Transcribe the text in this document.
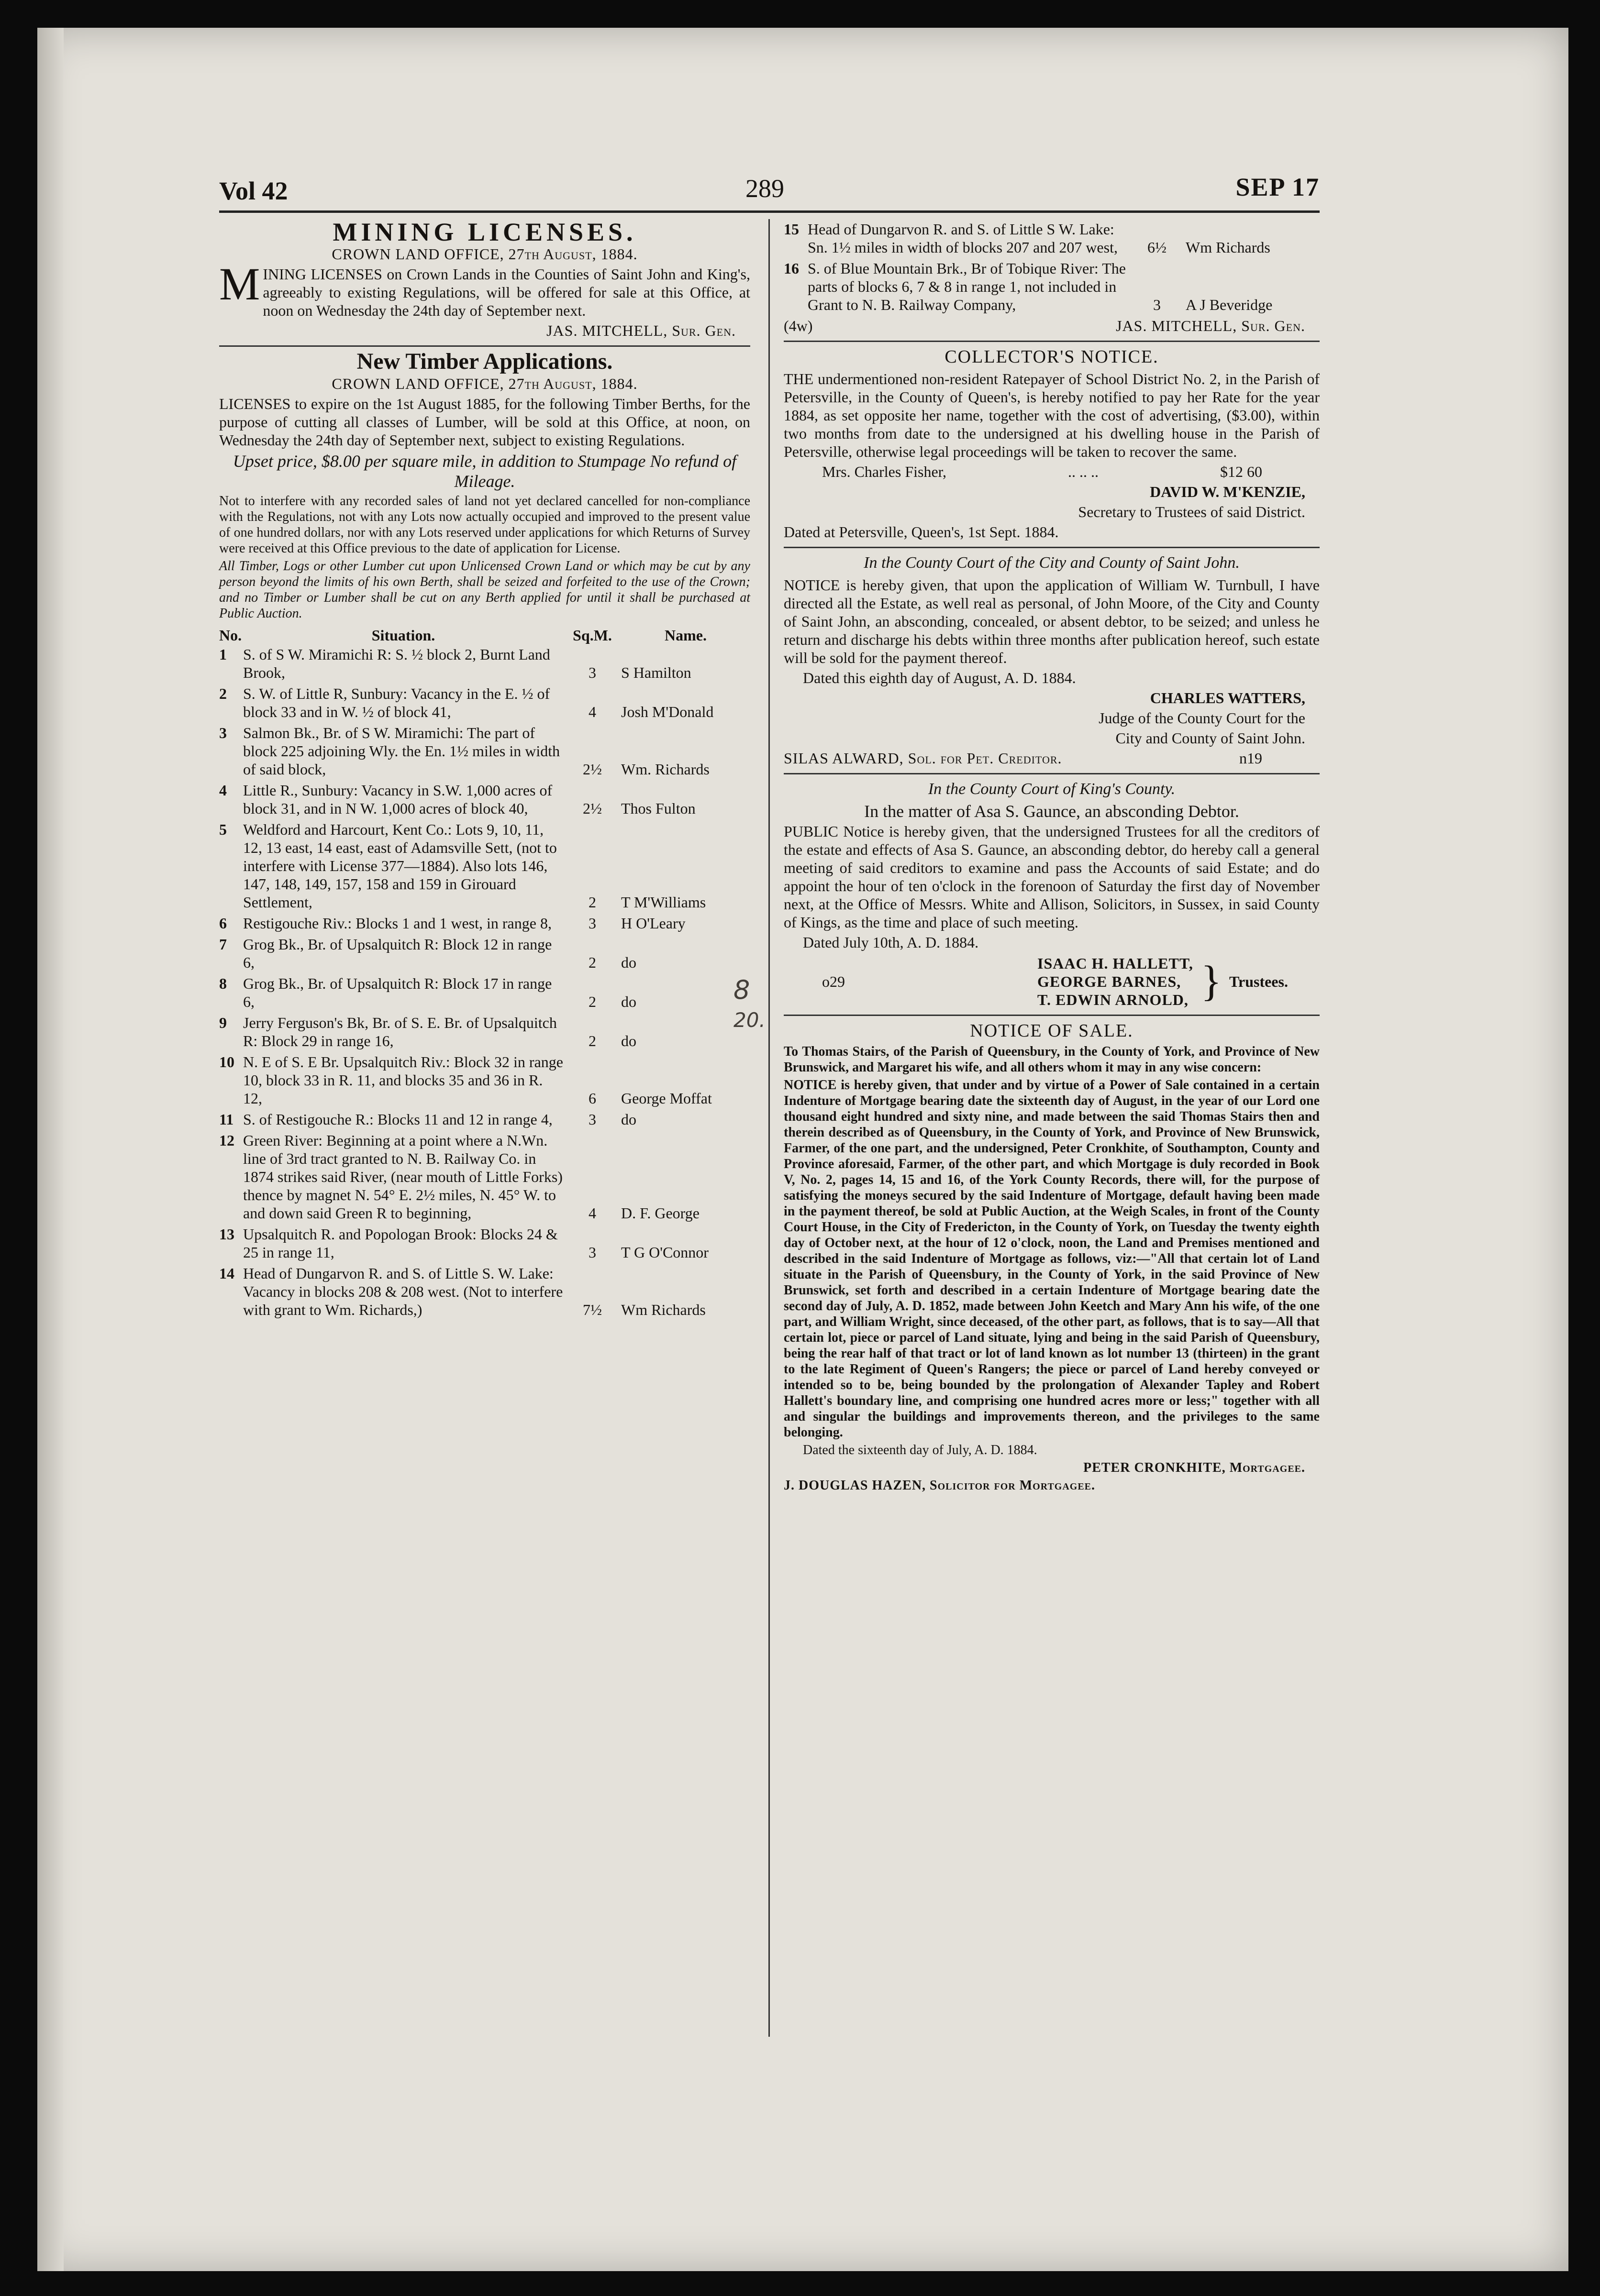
Vol 42	289	SEP 17
MINING LICENSES.

CROWN LAND OFFICE, 27th August, 1884.

MINING LICENSES on Crown Lands in the Counties of Saint John and King's, agreeably to existing Regulations, will be offered for sale at this Office, at noon on Wednesday the 24th day of September next.

JAS. MITCHELL, Sur. Gen.

New Timber Applications.

CROWN LAND OFFICE, 27th August, 1884.

LICENSES to expire on the 1st August 1885, for the following Timber Berths, for the purpose of cutting all classes of Lumber, will be sold at this Office, at noon, on Wednesday the 24th day of September next, subject to existing Regulations.

Upset price, $8.00 per square mile, in addition to Stumpage No refund of Mileage.

Not to interfere with any recorded sales of land not yet declared cancelled for non-compliance with the Regulations, not with any Lots now actually occupied and improved to the present value of one hundred dollars, nor with any Lots reserved under applications for which Returns of Survey were received at this Office previous to the date of application for License.

All Timber, Logs or other Lumber cut upon Unlicensed Crown Land or which may be cut by any person beyond the limits of his own Berth, shall be seized and forfeited to the use of the Crown; and no Timber or Lumber shall be cut on any Berth applied for until it shall be purchased at Public Auction.

No.	Situation.	Sq.M.	Name.
1	S. of S W. Miramichi R: S. ½ block 2, Burnt Land Brook,	3	S Hamilton
2	S. W. of Little R, Sunbury: Vacancy in the E. ½ of block 33 and in W. ½ of block 41,	4	Josh M'Donald
3	Salmon Bk., Br. of S W. Miramichi: The part of block 225 adjoining Wly. the En. 1½ miles in width of said block,	2½	Wm. Richards
4	Little R., Sunbury: Vacancy in S.W. 1,000 acres of block 31, and in N W. 1,000 acres of block 40,	2½	Thos Fulton
5	Weldford and Harcourt, Kent Co.: Lots 9, 10, 11, 12, 13 east, 14 east, east of Adamsville Sett, (not to interfere with License 377—1884). Also lots 146, 147, 148, 149, 157, 158 and 159 in Girouard Settlement,	2	T M'Williams
6	Restigouche Riv.: Blocks 1 and 1 west, in range 8,	3	H O'Leary
7	Grog Bk., Br. of Upsalquitch R: Block 12 in range 6,	2	do
8	Grog Bk., Br. of Upsalquitch R: Block 17 in range 6,	2	do
9	Jerry Ferguson's Bk, Br. of S. E. Br. of Upsalquitch R: Block 29 in range 16,	2	do
10 N. E of S. E Br. Upsalquitch Riv.: Block 32 in range 10, block 33 in R. 11, and blocks 35 and 36 in R. 12,	6	George Moffat
11 S. of Restigouche R.: Blocks 11 and 12 in range 4,	3	do
12 Green River: Beginning at a point where a N.Wn. line of 3rd tract granted to N. B. Railway Co. in 1874 strikes said River, (near mouth of Little Forks) thence by magnet N. 54° E. 2½ miles, N. 45° W. to and down said Green R to beginning,	4	D. F. George
13 Upsalquitch R. and Popologan Brook: Blocks 24 & 25 in range 11,	3	T G O'Connor
14 Head of Dungarvon R. and S. of Little S. W. Lake: Vacancy in blocks 208 & 208 west. (Not to interfere with grant to Wm. Richards,)	7½	Wm Richards
8
20.
15 Head of Dungarvon R. and S. of Little S W. Lake: Sn. 1½ miles in width of blocks 207 and 207 west,	6½	Wm Richards
16 S. of Blue Mountain Brk., Br of Tobique River: The parts of blocks 6, 7 & 8 in range 1, not included in Grant to N. B. Railway Company,	3	A J Beveridge
(4w)	JAS. MITCHELL, Sur. Gen.
COLLECTOR'S NOTICE.

THE undermentioned non-resident Ratepayer of School District No. 2, in the Parish of Petersville, in the County of Queen's, is hereby notified to pay her Rate for the year 1884, as set opposite her name, together with the cost of advertising, ($3.00), within two months from date to the undersigned at his dwelling house in the Parish of Petersville, otherwise legal proceedings will be taken to recover the same.

Mrs. Charles Fisher,	.. .. ..	$12 60

DAVID W. M'KENZIE,

Secretary to Trustees of said District.

Dated at Petersville, Queen's, 1st Sept. 1884.

In the County Court of the City and County of Saint John.

NOTICE is hereby given, that upon the application of William W. Turnbull, I have directed all the Estate, as well real as personal, of John Moore, of the City and County of Saint John, an absconding, concealed, or absent debtor, to be seized; and unless he return and discharge his debts within three months after publication hereof, such estate will be sold for the payment thereof.

Dated this eighth day of August, A. D. 1884.

CHARLES WATTERS,

Judge of the County Court for the

City and County of Saint John.

SILAS ALWARD, Sol. for Pet. Creditor.	n19

In the County Court of King's County.

In the matter of Asa S. Gaunce, an absconding Debtor.

PUBLIC Notice is hereby given, that the undersigned Trustees for all the creditors of the estate and effects of Asa S. Gaunce, an absconding debtor, do hereby call a general meeting of said creditors to examine and pass the Accounts of said Estate; and do appoint the hour of ten o'clock in the forenoon of Saturday the first day of November next, at the Office of Messrs. White and Allison, Solicitors, in Sussex, in said County of Kings, as the time and place of such meeting.

Dated July 10th, A. D. 1884.

o29
ISAAC H. HALLETT,
GEORGE BARNES,
T. EDWIN ARNOLD, } Trustees.
NOTICE OF SALE.

To Thomas Stairs, of the Parish of Queensbury, in the County of York, and Province of New Brunswick, and Margaret his wife, and all others whom it may in any wise concern:

NOTICE is hereby given, that under and by virtue of a Power of Sale contained in a certain Indenture of Mortgage bearing date the sixteenth day of August, in the year of our Lord one thousand eight hundred and sixty nine, and made between the said Thomas Stairs then and therein described as of Queensbury, in the County of York, and Province of New Brunswick, Farmer, of the one part, and the undersigned, Peter Cronkhite, of Southampton, County and Province aforesaid, Farmer, of the other part, and which Mortgage is duly recorded in Book V, No. 2, pages 14, 15 and 16, of the York County Records, there will, for the purpose of satisfying the moneys secured by the said Indenture of Mortgage, default having been made in the payment thereof, be sold at Public Auction, at the Weigh Scales, in front of the County Court House, in the City of Fredericton, in the County of York, on Tuesday the twenty eighth day of October next, at the hour of 12 o'clock, noon, the Land and Premises mentioned and described in the said Indenture of Mortgage as follows, viz:—"All that certain lot of Land situate in the Parish of Queensbury, in the County of York, in the said Province of New Brunswick, set forth and described in a certain Indenture of Mortgage bearing date the second day of July, A. D. 1852, made between John Keetch and Mary Ann his wife, of the one part, and William Wright, since deceased, of the other part, as follows, that is to say—All that certain lot, piece or parcel of Land situate, lying and being in the said Parish of Queensbury, being the rear half of that tract or lot of land known as lot number 13 (thirteen) in the grant to the late Regiment of Queen's Rangers; the piece or parcel of Land hereby conveyed or intended so to be, being bounded by the prolongation of Alexander Tapley and Robert Hallett's boundary line, and comprising one hundred acres more or less;" together with all and singular the buildings and improvements thereon, and the privileges to the same belonging.

Dated the sixteenth day of July, A. D. 1884.

PETER CRONKHITE, Mortgagee.

J. DOUGLAS HAZEN, Solicitor for Mortgagee.
